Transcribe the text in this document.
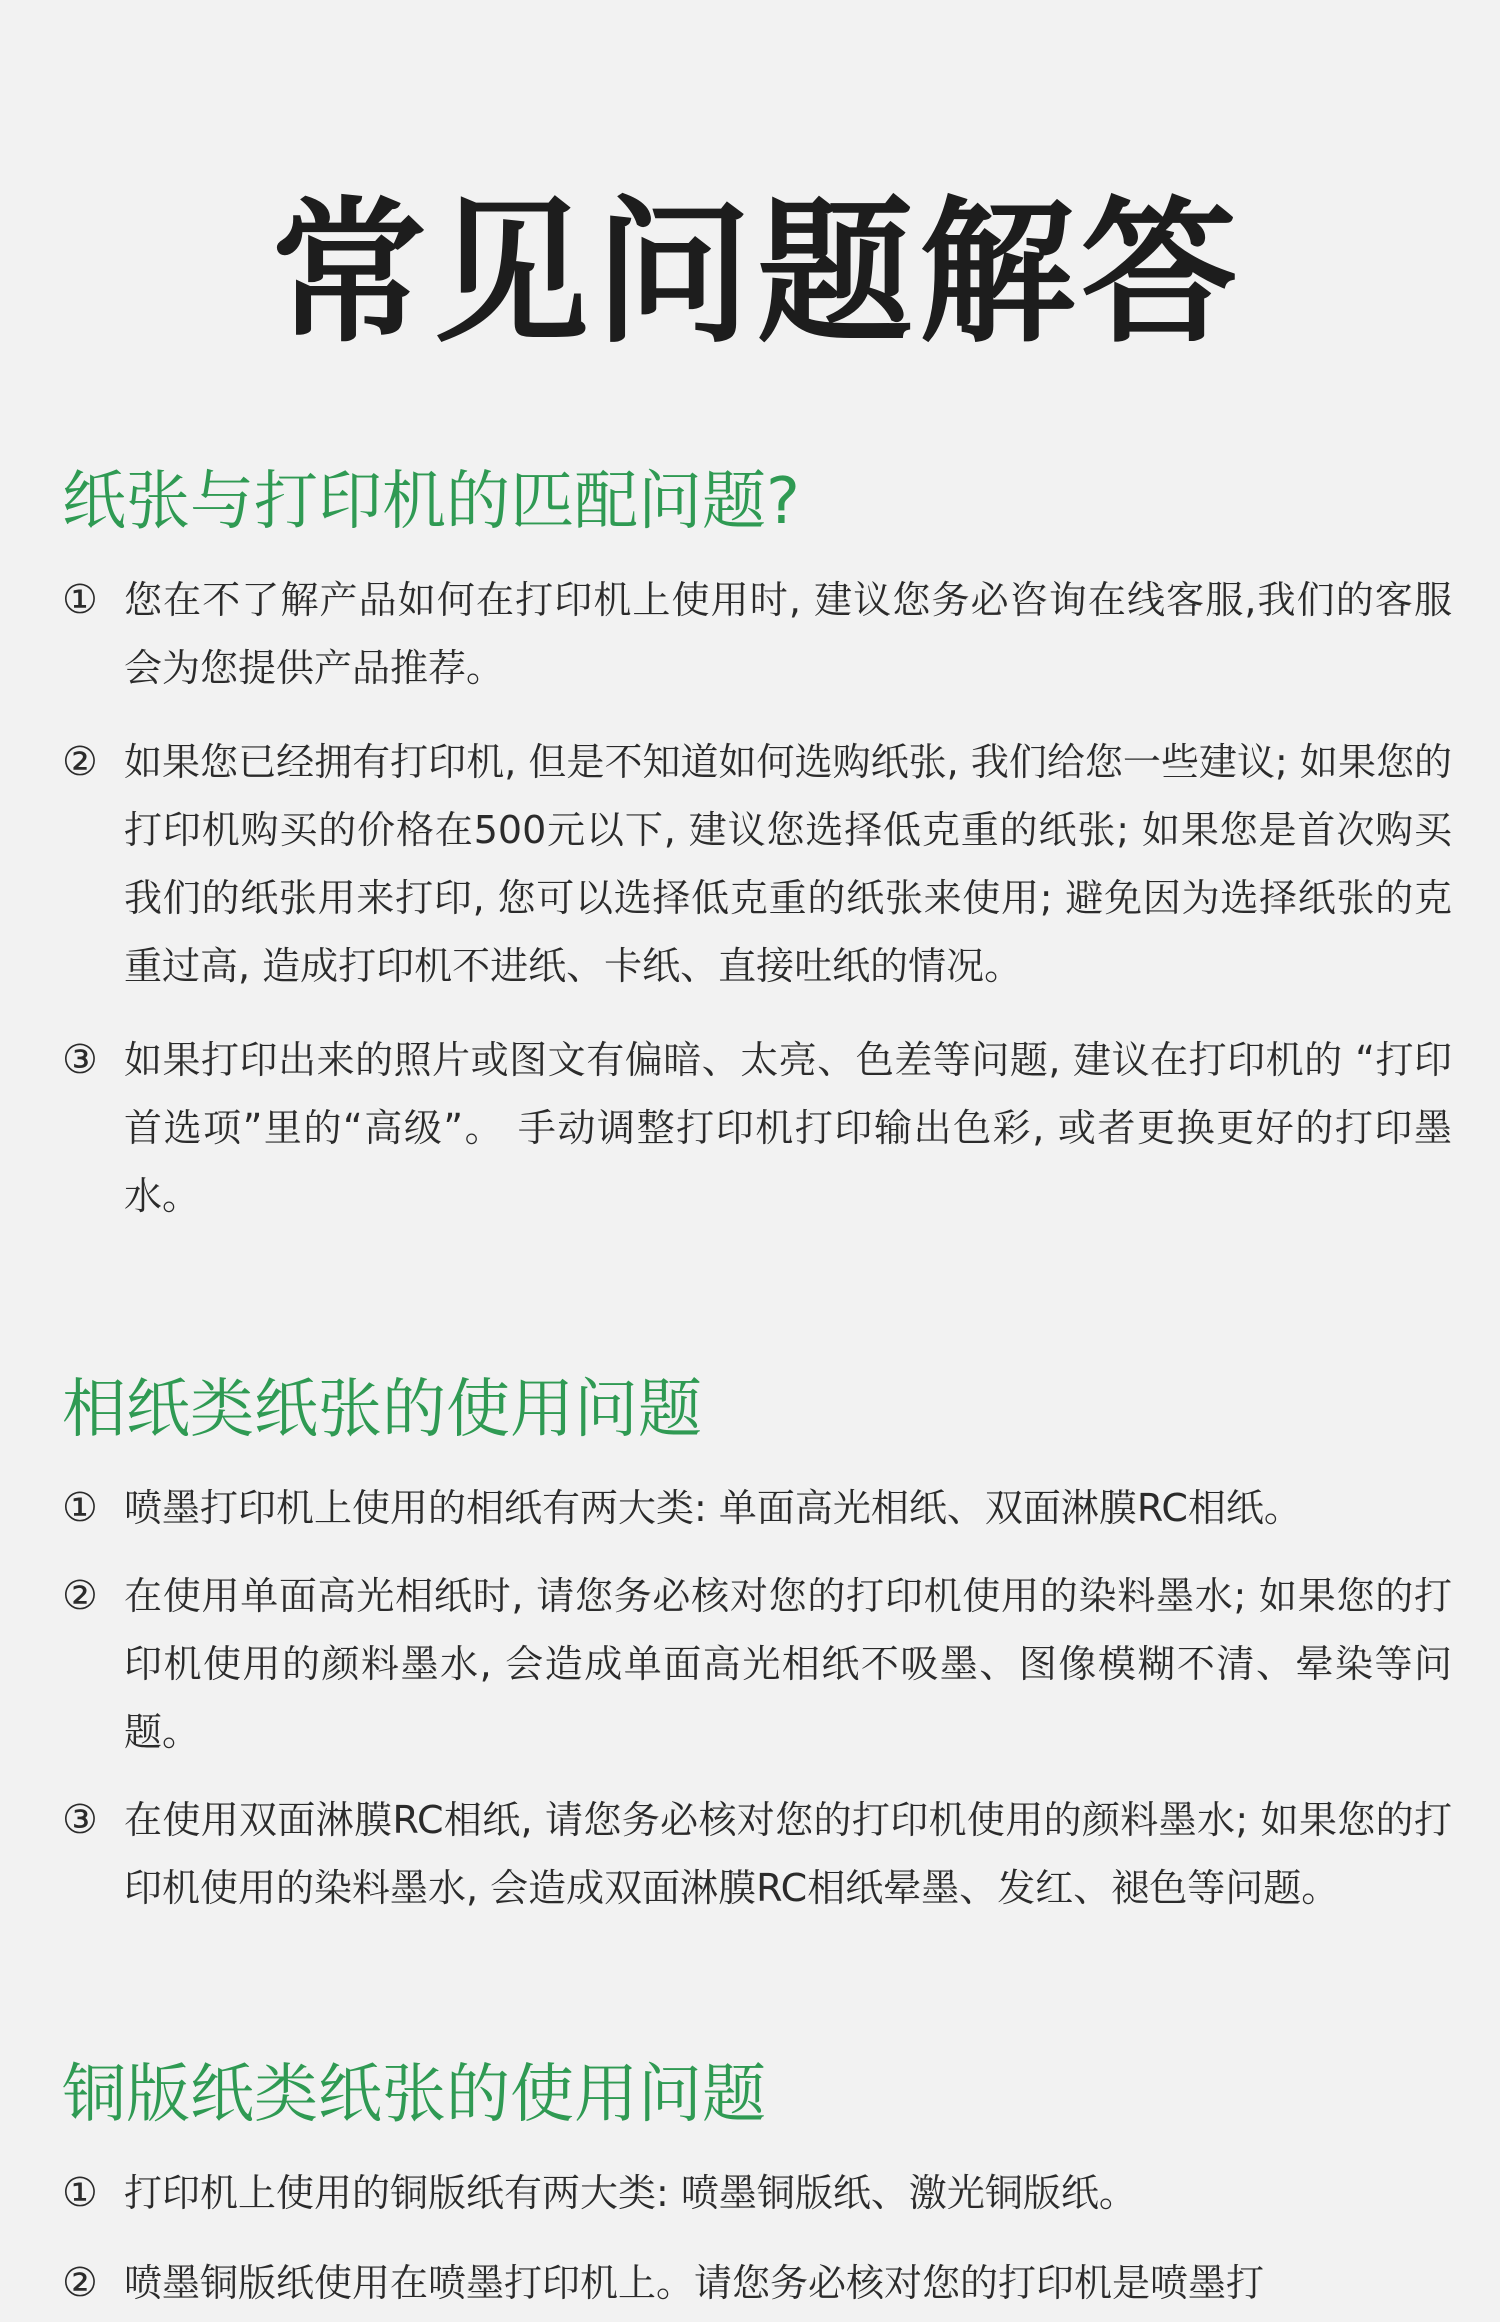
常见问题解答
纸张与打印机的匹配问题?
① 您在不了解产品如何在打印机上使用时, 建议您务必咨询在线客服,我们的客服会为您提供产品推荐。
② 如果您已经拥有打印机, 但是不知道如何选购纸张, 我们给您一些建议; 如果您的打印机购买的价格在500元以下, 建议您选择低克重的纸张; 如果您是首次购买我们的纸张用来打印, 您可以选择低克重的纸张来使用; 避免因为选择纸张的克重过高, 造成打印机不进纸、卡纸、直接吐纸的情况。
③ 如果打印出来的照片或图文有偏暗、太亮、色差等问题, 建议在打印机的 “打印首选项”里的“高级”。 手动调整打印机打印输出色彩, 或者更换更好的打印墨水。
相纸类纸张的使用问题
① 喷墨打印机上使用的相纸有两大类: 单面高光相纸、双面淋膜RC相纸。
② 在使用单面高光相纸时, 请您务必核对您的打印机使用的染料墨水; 如果您的打印机使用的颜料墨水, 会造成单面高光相纸不吸墨、图像模糊不清、晕染等问题。
③ 在使用双面淋膜RC相纸, 请您务必核对您的打印机使用的颜料墨水; 如果您的打印机使用的染料墨水, 会造成双面淋膜RC相纸晕墨、发红、褪色等问题。
铜版纸类纸张的使用问题
① 打印机上使用的铜版纸有两大类: 喷墨铜版纸、激光铜版纸。
② 喷墨铜版纸使用在喷墨打印机上。请您务必核对您的打印机是喷墨打
